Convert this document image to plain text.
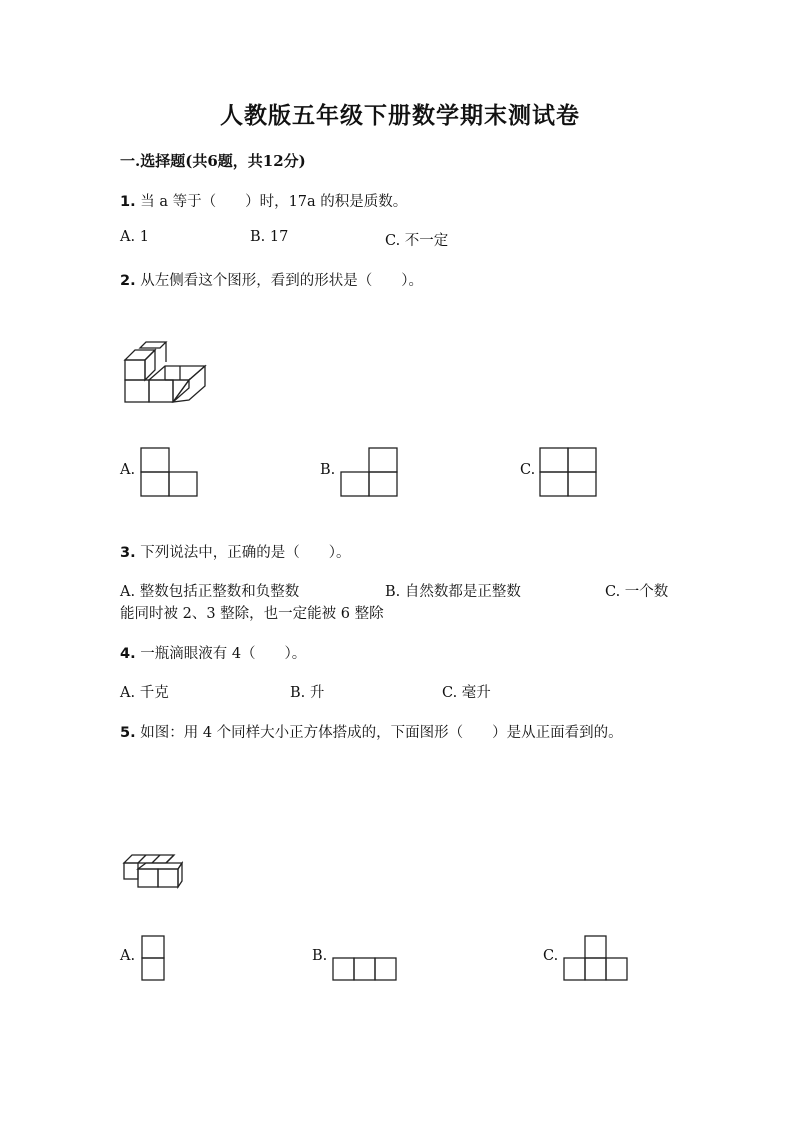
人教版五年级下册数学期末测试卷
一.选择题(共6题，共12分)
1. 当 a 等于（　　）时，17a 的积是质数。
A. 1	B. 17	C. 不一定
2. 从左侧看这个图形，看到的形状是（　　）。
A.	B.	C.
3. 下列说法中，正确的是（　　）。
A. 整数包括正整数和负整数	B. 自然数都是正整数	C. 一个数
能同时被 2、3 整除，也一定能被 6 整除
4. 一瓶滴眼液有 4（　　）。
A. 千克	B. 升	C. 毫升
5. 如图：用 4 个同样大小正方体搭成的，下面图形（　　）是从正面看到的。
A.	B.	C.
